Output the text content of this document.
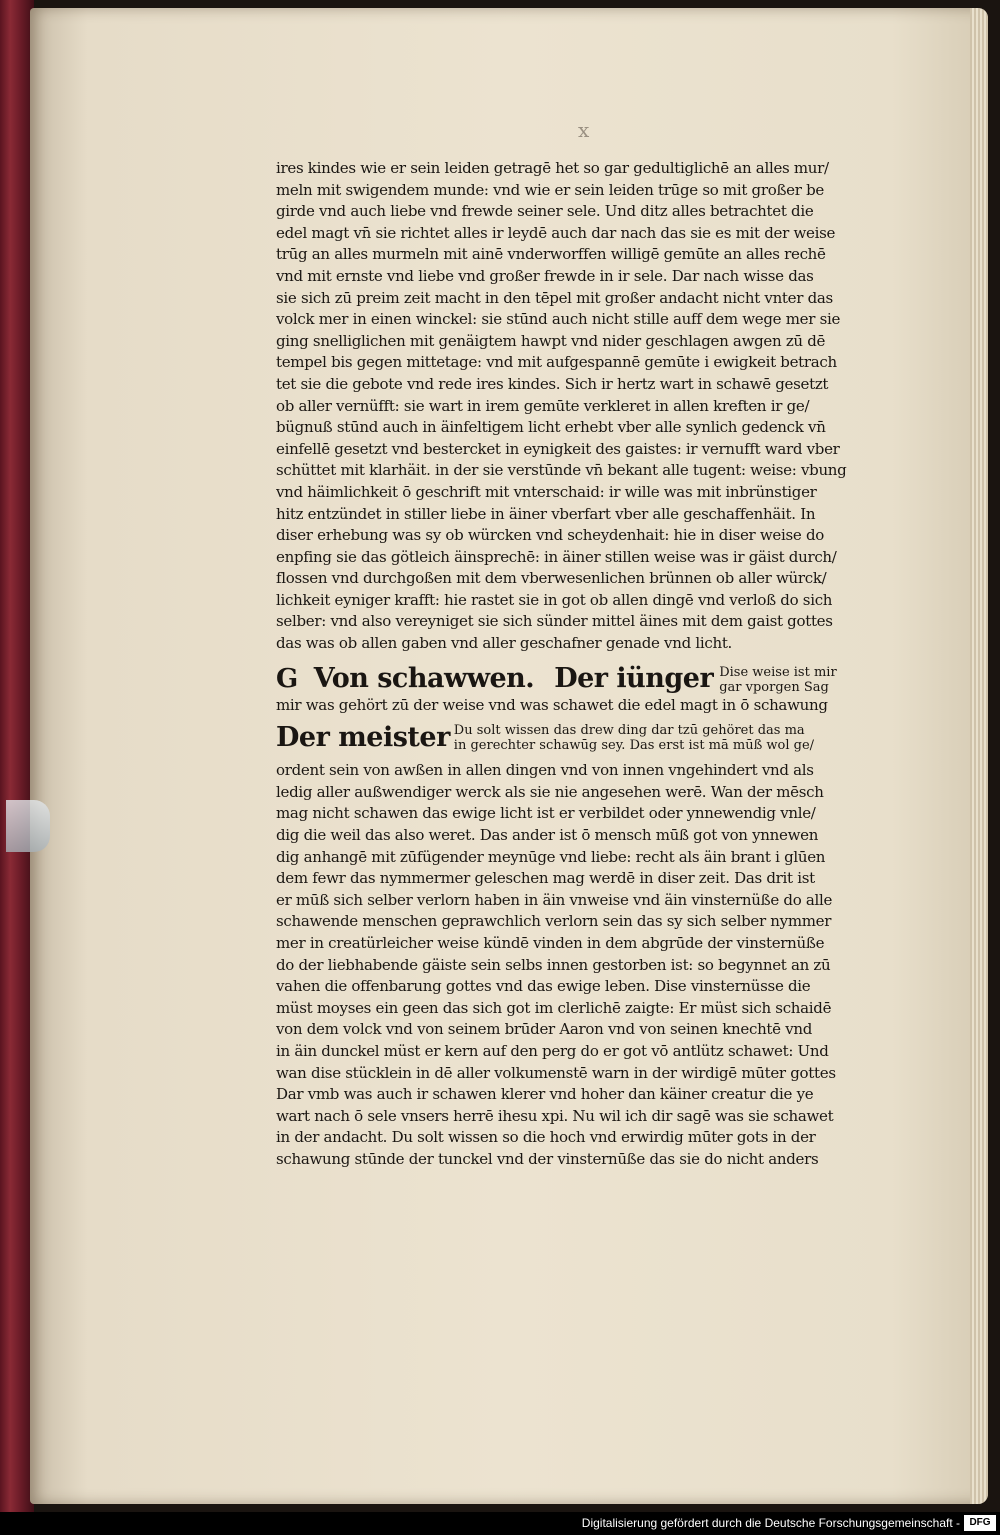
x
ires kindes wie er sein leiden getragē het so gar gedultiglichē an alles mur/
meln mit swigendem munde: vnd wie er sein leiden trūge so mit großer be
girde vnd auch liebe vnd frewde seiner sele. Und ditz alles betrachtet die
edel magt vn̄ sie richtet alles ir leydē auch dar nach das sie es mit der weise
trūg an alles murmeln mit ainē vnderworffen willigē gemūte an alles rechē
vnd mit ernste vnd liebe vnd großer frewde in ir sele. Dar nach wisse das
sie sich zū preim zeit macht in den tēpel mit großer andacht nicht vnter das
volck mer in einen winckel: sie stūnd auch nicht stille auff dem wege mer sie
ging snelliglichen mit genäigtem hawpt vnd nider geschlagen awgen zū dē
tempel bis gegen mittetage: vnd mit aufgespannē gemūte i ewigkeit betrach
tet sie die gebote vnd rede ires kindes. Sich ir hertz wart in schawē gesetzt
ob aller vernüfft: sie wart in irem gemūte verkleret in allen kreften ir ge/
bügnuß stūnd auch in äinfeltigem licht erhebt vber alle synlich gedenck vn̄
einfellē gesetzt vnd bestercket in eynigkeit des gaistes: ir vernufft ward vber
schüttet mit klarhäit. in der sie verstūnde vn̄ bekant alle tugent: weise: vbung
vnd häimlichkeit ō geschrift mit vnterschaid: ir wille was mit inbrünstiger
hitz entzündet in stiller liebe in äiner vberfart vber alle geschaffenhäit. In
diser erhebung was sy ob würcken vnd scheydenhait: hie in diser weise do
enpfing sie das götleich äinsprechē: in äiner stillen weise was ir gäist durch/
flossen vnd durchgoßen mit dem vberwesenlichen brünnen ob aller würck/
lichkeit eyniger krafft: hie rastet sie in got ob allen dingē vnd verloß do sich
selber: vnd also vereyniget sie sich sünder mittel äines mit dem gaist gottes
das was ob allen gaben vnd aller geschafner genade vnd licht.
G Von schawwen. Der iünger Dise weise ist mir
gar vporgen Sag
mir was gehört zū der weise vnd was schawet die edel magt in ō schawung
Der meister Du solt wissen das drew ding dar tzū gehöret das ma
in gerechter schawūg sey. Das erst ist mā mūß wol ge/
ordent sein von awßen in allen dingen vnd von innen vngehindert vnd als
ledig aller außwendiger werck als sie nie angesehen werē. Wan der mēsch
mag nicht schawen das ewige licht ist er verbildet oder ynnewendig vnle/
dig die weil das also weret. Das ander ist ō mensch mūß got von ynnewen
dig anhangē mit zūfügender meynūge vnd liebe: recht als äin brant i glūen
dem fewr das nymmermer geleschen mag werdē in diser zeit. Das drit ist
er mūß sich selber verlorn haben in äin vnweise vnd äin vinsternüße do alle
schawende menschen geprawchlich verlorn sein das sy sich selber nymmer
mer in creatürleicher weise kündē vinden in dem abgrūde der vinsternüße
do der liebhabende gäiste sein selbs innen gestorben ist: so begynnet an zū
vahen die offenbarung gottes vnd das ewige leben. Dise vinsternüsse die
müst moyses ein geen das sich got im clerlichē zaigte: Er müst sich schaidē
von dem volck vnd von seinem brūder Aaron vnd von seinen knechtē vnd
in äin dunckel müst er kern auf den perg do er got vō antlütz schawet: Und
wan dise stücklein in dē aller volkumenstē warn in der wirdigē mūter gottes
Dar vmb was auch ir schawen klerer vnd hoher dan käiner creatur die ye
wart nach ō sele vnsers herrē ihesu xpi. Nu wil ich dir sagē was sie schawet
in der andacht. Du solt wissen so die hoch vnd erwirdig mūter gots in der
schawung stūnde der tunckel vnd der vinsternūße das sie do nicht anders
Digitalisierung gefördert durch die Deutsche Forschungsgemeinschaft - DFG
